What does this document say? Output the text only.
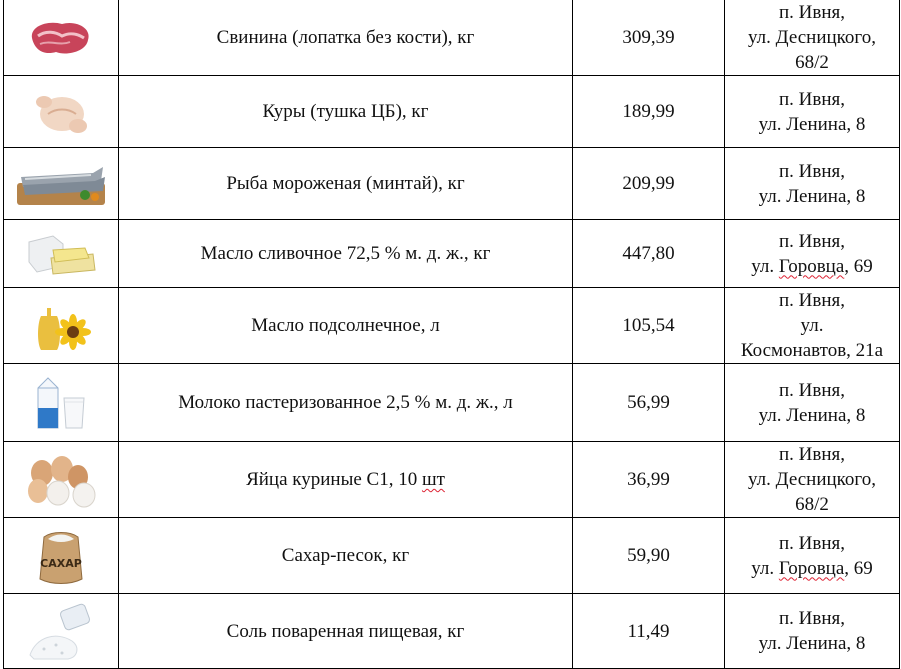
	Свинина (лопатка без кости), кг	309,39	п. Ивня,
ул. Десницкого,
68/2

	Куры (тушка ЦБ), кг	189,99	п. Ивня,
ул. Ленина, 8

	Рыба мороженая (минтай), кг	209,99	п. Ивня,
ул. Ленина, 8

	Масло сливочное 72,5 % м. д. ж., кг	447,80	п. Ивня,
ул. Горовца, 69

	Масло подсолнечное, л	105,54	п. Ивня,
ул.
Космонавтов, 21а

	Молоко пастеризованное 2,5 % м. д. ж., л	56,99	п. Ивня,
ул. Ленина, 8

	Яйца куриные С1, 10 шт	36,99	п. Ивня,
ул. Десницкого,
68/2

САХАР	Сахар-песок, кг	59,90	п. Ивня,
ул. Горовца, 69

	Соль поваренная пищевая, кг	11,49	п. Ивня,
ул. Ленина, 8
